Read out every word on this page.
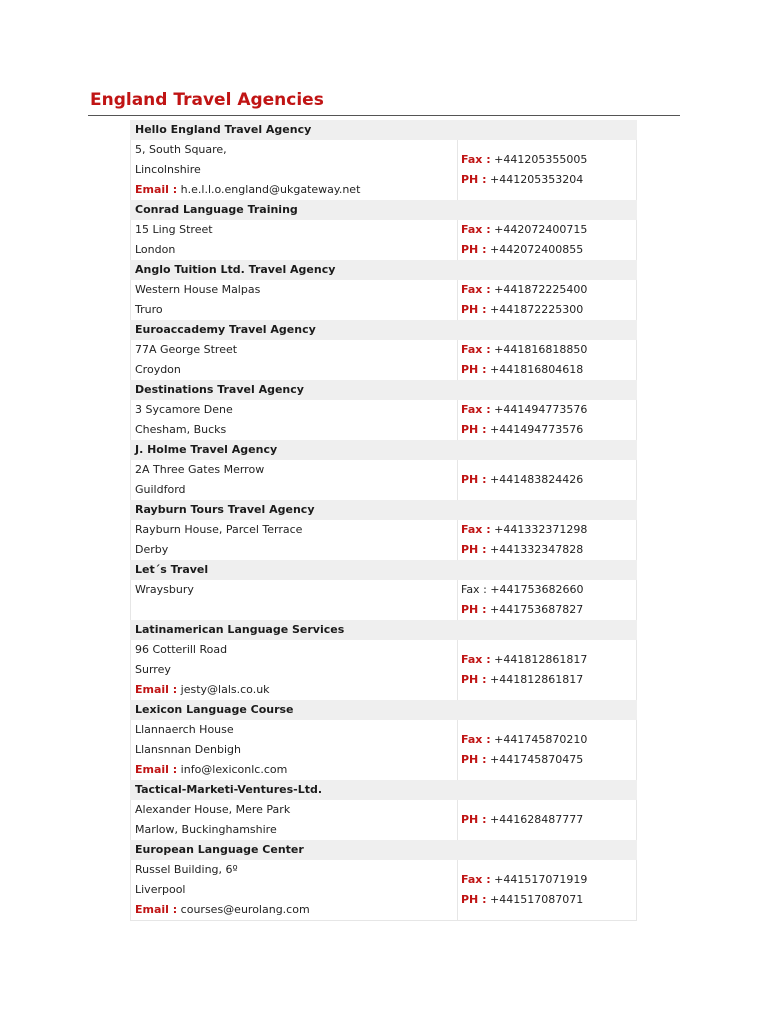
England Travel Agencies
Hello England Travel Agency
5, South Square,
Lincolnshire
Email : h.e.l.l.o.england@ukgateway.net
Fax : +441205355005
PH : +441205353204
Conrad Language Training
15 Ling Street
London
Fax : +442072400715
PH : +442072400855
Anglo Tuition Ltd. Travel Agency
Western House Malpas
Truro
Fax : +441872225400
PH : +441872225300
Euroaccademy Travel Agency
77A George Street
Croydon
Fax : +441816818850
PH : +441816804618
Destinations Travel Agency
3 Sycamore Dene
Chesham, Bucks
Fax : +441494773576
PH : +441494773576
J. Holme Travel Agency
2A Three Gates Merrow
Guildford
PH : +441483824426
Rayburn Tours Travel Agency
Rayburn House, Parcel Terrace
Derby
Fax : +441332371298
PH : +441332347828
Let´s Travel
Wraysbury	Fax : +441753682660
PH : +441753687827
Latinamerican Language Services
96 Cotterill Road
Surrey
Email : jesty@lals.co.uk
Fax : +441812861817
PH : +441812861817
Lexicon Language Course
Llannaerch House
Llansnnan Denbigh
Email : info@lexiconlc.com
Fax : +441745870210
PH : +441745870475
Tactical-Marketi-Ventures-Ltd.
Alexander House, Mere Park
Marlow, Buckinghamshire
PH : +441628487777
European Language Center
Russel Building, 6º
Liverpool
Email : courses@eurolang.com
Fax : +441517071919
PH : +441517087071
